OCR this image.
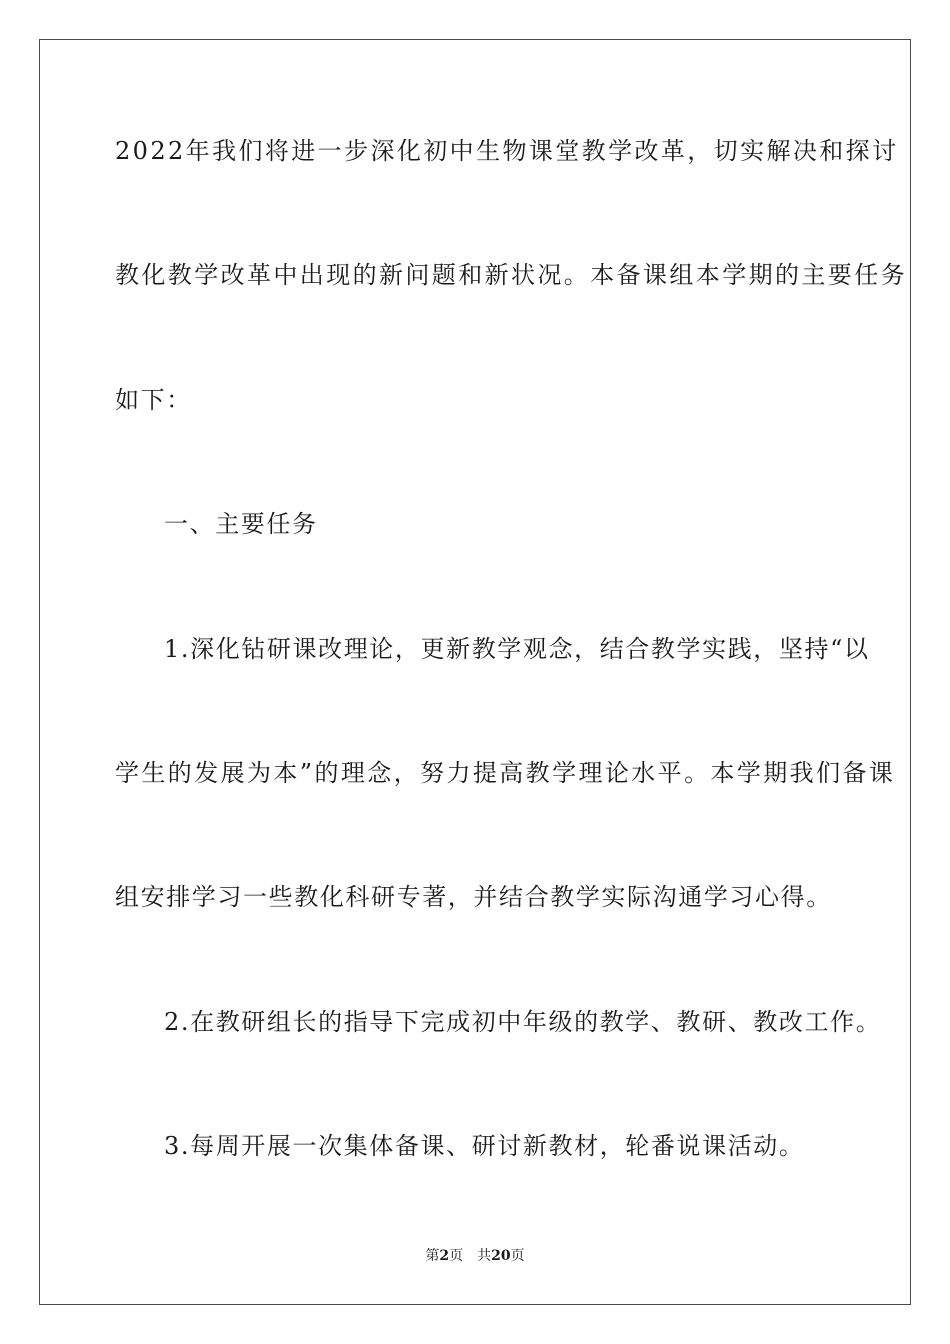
2022年我们将进一步深化初中生物课堂教学改革，切实解决和探讨
教化教学改革中出现的新问题和新状况。本备课组本学期的主要任务
如下：
一、主要任务
1.深化钻研课改理论，更新教学观念，结合教学实践，坚持“以
学生的发展为本”的理念，努力提高教学理论水平。本学期我们备课
组安排学习一些教化科研专著，并结合教学实际沟通学习心得。
2.在教研组长的指导下完成初中年级的教学、教研、教改工作。
3.每周开展一次集体备课、研讨新教材，轮番说课活动。
第2页 共20页
